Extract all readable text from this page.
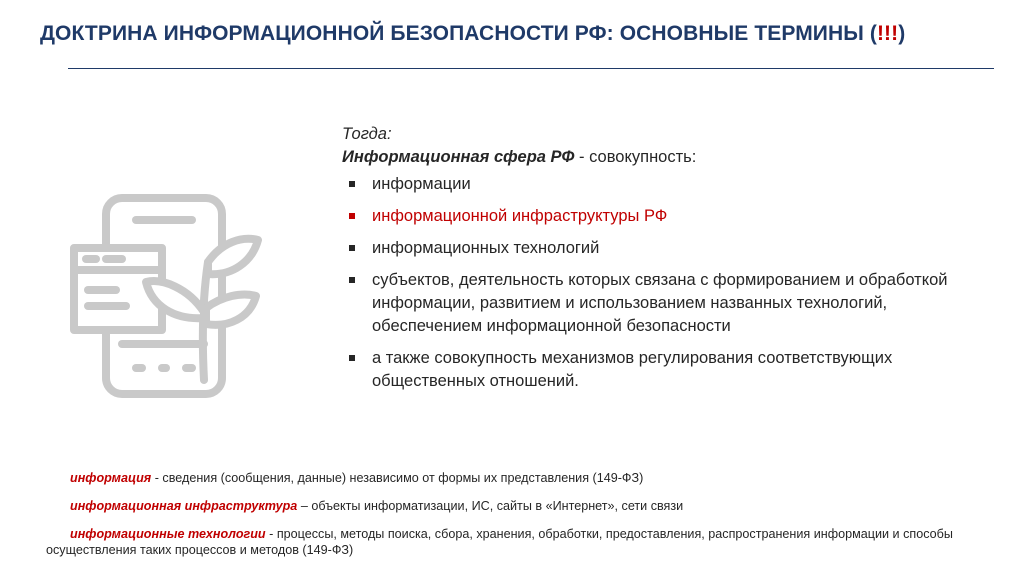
ДОКТРИНА ИНФОРМАЦИОННОЙ БЕЗОПАСНОСТИ РФ: ОСНОВНЫЕ ТЕРМИНЫ (!!!)
Тогда:
Информационная сфера РФ - совокупность:
информации
информационной инфраструктуры РФ
информационных технологий
субъектов, деятельность которых связана с формированием и обработкой информации, развитием и использованием названных технологий, обеспечением информационной безопасности
а также совокупность механизмов регулирования соответствующих общественных отношений.

информация - сведения (сообщения, данные) независимо от формы их представления (149-ФЗ)

информационная инфраструктура – объекты информатизации, ИС, сайты в «Интернет», сети связи

информационные технологии - процессы, методы поиска, сбора, хранения, обработки, предоставления, распространения информации и способы осуществления таких процессов и методов (149-ФЗ)
